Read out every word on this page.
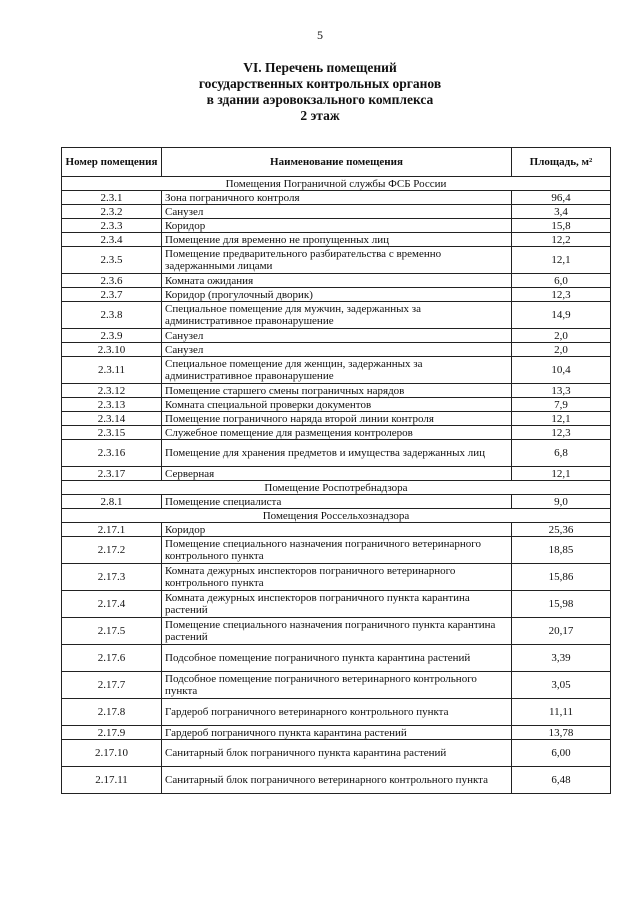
5
VI. Перечень помещений
государственных контрольных органов
в здании аэровокзального комплекса
2 этаж
Номер помещения	Наименование помещения	Площадь, м²
Помещения Пограничной службы ФСБ России		
2.3.1	Зона пограничного контроля	96,4
2.3.2	Санузел	3,4
2.3.3	Коридор	15,8
2.3.4	Помещение для временно не пропущенных лиц	12,2
2.3.5	Помещение предварительного разбирательства с временно задержанными лицами	12,1
2.3.6	Комната ожидания	6,0
2.3.7	Коридор (прогулочный дворик)	12,3
2.3.8	Специальное помещение для мужчин, задержанных за административное правонарушение	14,9
2.3.9	Санузел	2,0
2.3.10	Санузел	2,0
2.3.11	Специальное помещение для женщин, задержанных за административное правонарушение	10,4
2.3.12	Помещение старшего смены пограничных нарядов	13,3
2.3.13	Комната специальной проверки документов	7,9
2.3.14	Помещение пограничного наряда второй линии контроля	12,1
2.3.15	Служебное помещение для размещения контролеров	12,3
2.3.16	Помещение для хранения предметов и имущества задержанных лиц	6,8
2.3.17	Серверная	12,1
Помещение Роспотребнадзора		
2.8.1	Помещение специалиста	9,0
Помещения Россельхознадзора		
2.17.1	Коридор	25,36
2.17.2	Помещение специального назначения пограничного ветеринарного контрольного пункта	18,85
2.17.3	Комната дежурных инспекторов пограничного ветеринарного контрольного пункта	15,86
2.17.4	Комната дежурных инспекторов пограничного пункта карантина растений	15,98
2.17.5	Помещение специального назначения пограничного пункта карантина растений	20,17
2.17.6	Подсобное помещение пограничного пункта карантина растений	3,39
2.17.7	Подсобное помещение пограничного ветеринарного контрольного пункта	3,05
2.17.8	Гардероб пограничного ветеринарного контрольного пункта	11,11
2.17.9	Гардероб пограничного пункта карантина растений	13,78
2.17.10	Санитарный блок пограничного пункта карантина растений	6,00
2.17.11	Санитарный блок пограничного ветеринарного контрольного пункта	6,48
